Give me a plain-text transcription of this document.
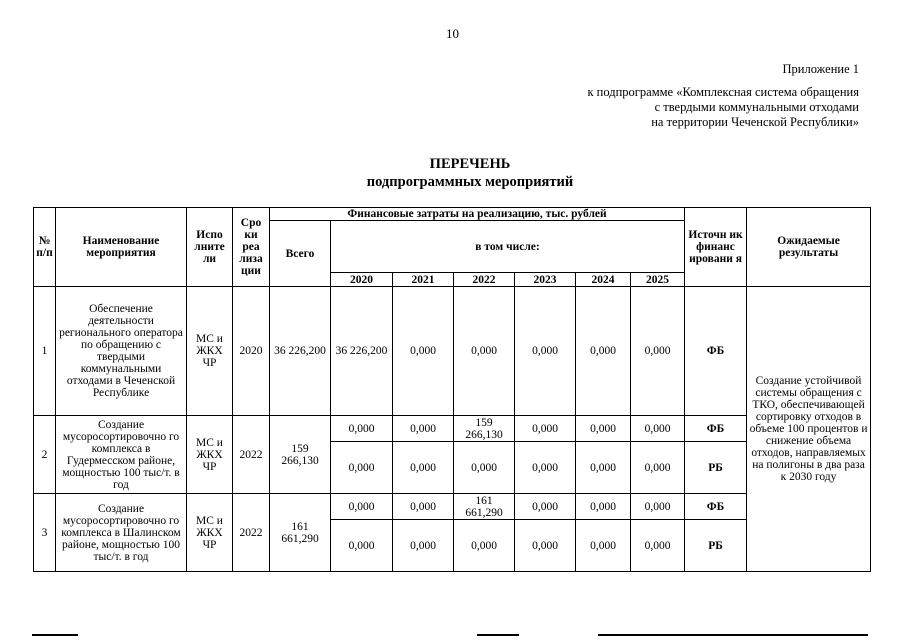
10
Приложение 1
к подпрограмме «Комплексная система обращения
с твердыми коммунальными отходами
на территории Чеченской Республики»
ПЕРЕЧЕНЬ
подпрограммных мероприятий
№ п/п	Наименование мероприятия	Испо лните ли	Сро ки реа лиза ции	Финансовые затраты на реализацию, тыс. рублей							Источн ик финанс ировани я	Ожидаемые результаты
				Всего	в том числе:							
					2020	2021	2022	2023	2024	2025		
1	Обеспечение деятельности регионального оператора по обращению с твердыми коммунальными отходами в Чеченской Республике	МС и ЖКХ ЧР	2020	36 226,200	36 226,200	0,000	0,000	0,000	0,000	0,000	ФБ	Создание устойчивой системы обращения с ТКО, обеспечивающей сортировку отходов в объеме 100 процентов и снижение объема отходов, направляемых на полигоны в два раза к 2030 году
2	Создание мусоросортировочно го комплекса в Гудермесском районе, мощностью 100 тыс/т. в год	МС и ЖКХ ЧР	2022	159 266,130	0,000	0,000	159 266,130	0,000	0,000	0,000	ФБ	
					0,000	0,000	0,000	0,000	0,000	0,000	РБ	
3	Создание мусоросортировочно го комплекса в Шалинском районе, мощностью 100 тыс/т. в год	МС и ЖКХ ЧР	2022	161 661,290	0,000	0,000	161 661,290	0,000	0,000	0,000	ФБ	
					0,000	0,000	0,000	0,000	0,000	0,000	РБ	
